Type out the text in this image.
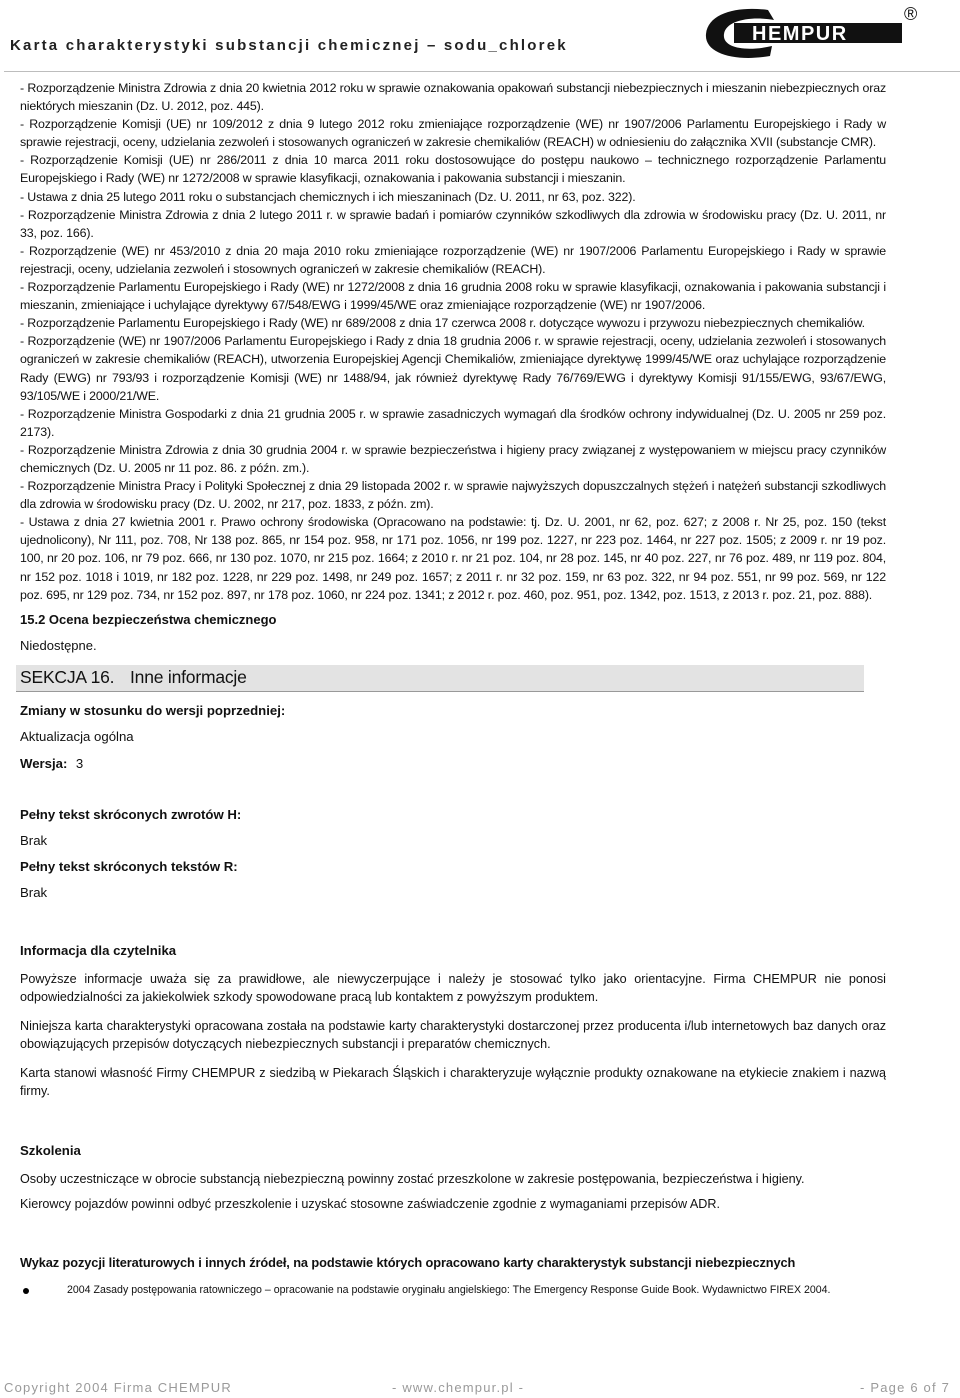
Karta charakterystyki substancji chemicznej – sodu_chlorek
HEMPUR
®

- Rozporządzenie Ministra Zdrowia z dnia 20 kwietnia 2012 roku w sprawie oznakowania opakowań substancji niebezpiecznych i mieszanin niebezpiecznych oraz niektórych mieszanin (Dz. U. 2012, poz. 445).

- Rozporządzenie Komisji (UE) nr 109/2012 z dnia 9 lutego 2012 roku zmieniające rozporządzenie (WE) nr 1907/2006 Parlamentu Europejskiego i Rady w sprawie rejestracji, oceny, udzielania zezwoleń i stosowanych ograniczeń w zakresie chemikaliów (REACH) w odniesieniu do załącznika XVII (substancje CMR).

- Rozporządzenie Komisji (UE) nr 286/2011 z dnia 10 marca 2011 roku dostosowujące do postępu naukowo – technicznego rozporządzenie Parlamentu Europejskiego i Rady (WE) nr 1272/2008 w sprawie klasyfikacji, oznakowania i pakowania substancji i mieszanin.

- Ustawa z dnia 25 lutego 2011 roku o substancjach chemicznych i ich mieszaninach (Dz. U. 2011, nr 63, poz. 322).

- Rozporządzenie Ministra Zdrowia z dnia 2 lutego 2011 r. w sprawie badań i pomiarów czynników szkodliwych dla zdrowia w środowisku pracy (Dz. U. 2011, nr 33, poz. 166).

- Rozporządzenie (WE) nr 453/2010 z dnia 20 maja 2010 roku zmieniające rozporządzenie (WE) nr 1907/2006 Parlamentu Europejskiego i Rady w sprawie rejestracji, oceny, udzielania zezwoleń i stosownych ograniczeń w zakresie chemikaliów (REACH).

- Rozporządzenie Parlamentu Europejskiego i Rady (WE) nr 1272/2008 z dnia 16 grudnia 2008 roku w sprawie klasyfikacji, oznakowania i pakowania substancji i mieszanin, zmieniające i uchylające dyrektywy 67/548/EWG i 1999/45/WE oraz zmieniające rozporządzenie (WE) nr 1907/2006.

- Rozporządzenie Parlamentu Europejskiego i Rady (WE) nr 689/2008 z dnia 17 czerwca 2008 r. dotyczące wywozu i przywozu niebezpiecznych chemikaliów.

- Rozporządzenie (WE) nr 1907/2006 Parlamentu Europejskiego i Rady z dnia 18 grudnia 2006 r. w sprawie rejestracji, oceny, udzielania zezwoleń i stosowanych ograniczeń w zakresie chemikaliów (REACH), utworzenia Europejskiej Agencji Chemikaliów, zmieniające dyrektywę 1999/45/WE oraz uchylające rozporządzenie Rady (EWG) nr 793/93 i rozporządzenie Komisji (WE) nr 1488/94, jak również dyrektywę Rady 76/769/EWG i dyrektywy Komisji 91/155/EWG, 93/67/EWG, 93/105/WE i 2000/21/WE.

- Rozporządzenie Ministra Gospodarki z dnia 21 grudnia 2005 r. w sprawie zasadniczych wymagań dla środków ochrony indywidualnej (Dz. U. 2005 nr 259 poz. 2173).

- Rozporządzenie Ministra Zdrowia z dnia 30 grudnia 2004 r. w sprawie bezpieczeństwa i higieny pracy związanej z występowaniem w miejscu pracy czynników chemicznych (Dz. U. 2005 nr 11 poz. 86. z późn. zm.).

- Rozporządzenie Ministra Pracy i Polityki Społecznej z dnia 29 listopada 2002 r. w sprawie najwyższych dopuszczalnych stężeń i natężeń substancji szkodliwych dla zdrowia w środowisku pracy (Dz. U. 2002, nr 217, poz. 1833, z późn. zm).

- Ustawa z dnia 27 kwietnia 2001 r. Prawo ochrony środowiska (Opracowano na podstawie: tj. Dz. U. 2001, nr 62, poz. 627; z 2008 r. Nr 25, poz. 150 (tekst ujednolicony), Nr 111, poz. 708, Nr 138 poz. 865, nr 154 poz. 958, nr 171 poz. 1056, nr 199 poz. 1227, nr 223 poz. 1464, nr 227 poz. 1505; z 2009 r. nr 19 poz. 100, nr 20 poz. 106, nr 79 poz. 666, nr 130 poz. 1070, nr 215 poz. 1664; z 2010 r. nr 21 poz. 104, nr 28 poz. 145, nr 40 poz. 227, nr 76 poz. 489, nr 119 poz. 804, nr 152 poz. 1018 i 1019, nr 182 poz. 1228, nr 229 poz. 1498, nr 249 poz. 1657; z 2011 r. nr 32 poz. 159, nr 63 poz. 322, nr 94 poz. 551, nr 99 poz. 569, nr 122 poz. 695, nr 129 poz. 734, nr 152 poz. 897, nr 178 poz. 1060, nr 224 poz. 1341; z 2012 r. poz. 460, poz. 951, poz. 1342, poz. 1513, z 2013 r. poz. 21, poz. 888).

15.2 Ocena bezpieczeństwa chemicznego
Niedostępne.
SEKCJA 16. Inne informacje
Zmiany w stosunku do wersji poprzedniej:
Aktualizacja ogólna
Wersja: 3
Pełny tekst skróconych zwrotów H:
Brak
Pełny tekst skróconych tekstów R:
Brak
Informacja dla czytelnika

Powyższe informacje uważa się za prawidłowe, ale niewyczerpujące i należy je stosować tylko jako orientacyjne. Firma CHEMPUR nie ponosi odpowiedzialności za jakiekolwiek szkody spowodowane pracą lub kontaktem z powyższym produktem.

Niniejsza karta charakterystyki opracowana została na podstawie karty charakterystyki dostarczonej przez producenta i/lub internetowych baz danych oraz obowiązujących przepisów dotyczących niebezpiecznych substancji i preparatów chemicznych.

Karta stanowi własność Firmy CHEMPUR z siedzibą w Piekarach Śląskich i charakteryzuje wyłącznie produkty oznakowane na etykiecie znakiem i nazwą firmy.

Szkolenia

Osoby uczestniczące w obrocie substancją niebezpieczną powinny zostać przeszkolone w zakresie postępowania, bezpieczeństwa i higieny.

Kierowcy pojazdów powinni odbyć przeszkolenie i uzyskać stosowne zaświadczenie zgodnie z wymaganiami przepisów ADR.

Wykaz pozycji literaturowych i innych źródeł, na podstawie których opracowano karty charakterystyk substancji niebezpiecznych
2004 Zasady postępowania ratowniczego – opracowanie na podstawie oryginału angielskiego: The Emergency Response Guide Book. Wydawnictwo FIREX 2004.
Copyright 2004 Firma CHEMPUR	- www.chempur.pl -	- Page 6 of 7
